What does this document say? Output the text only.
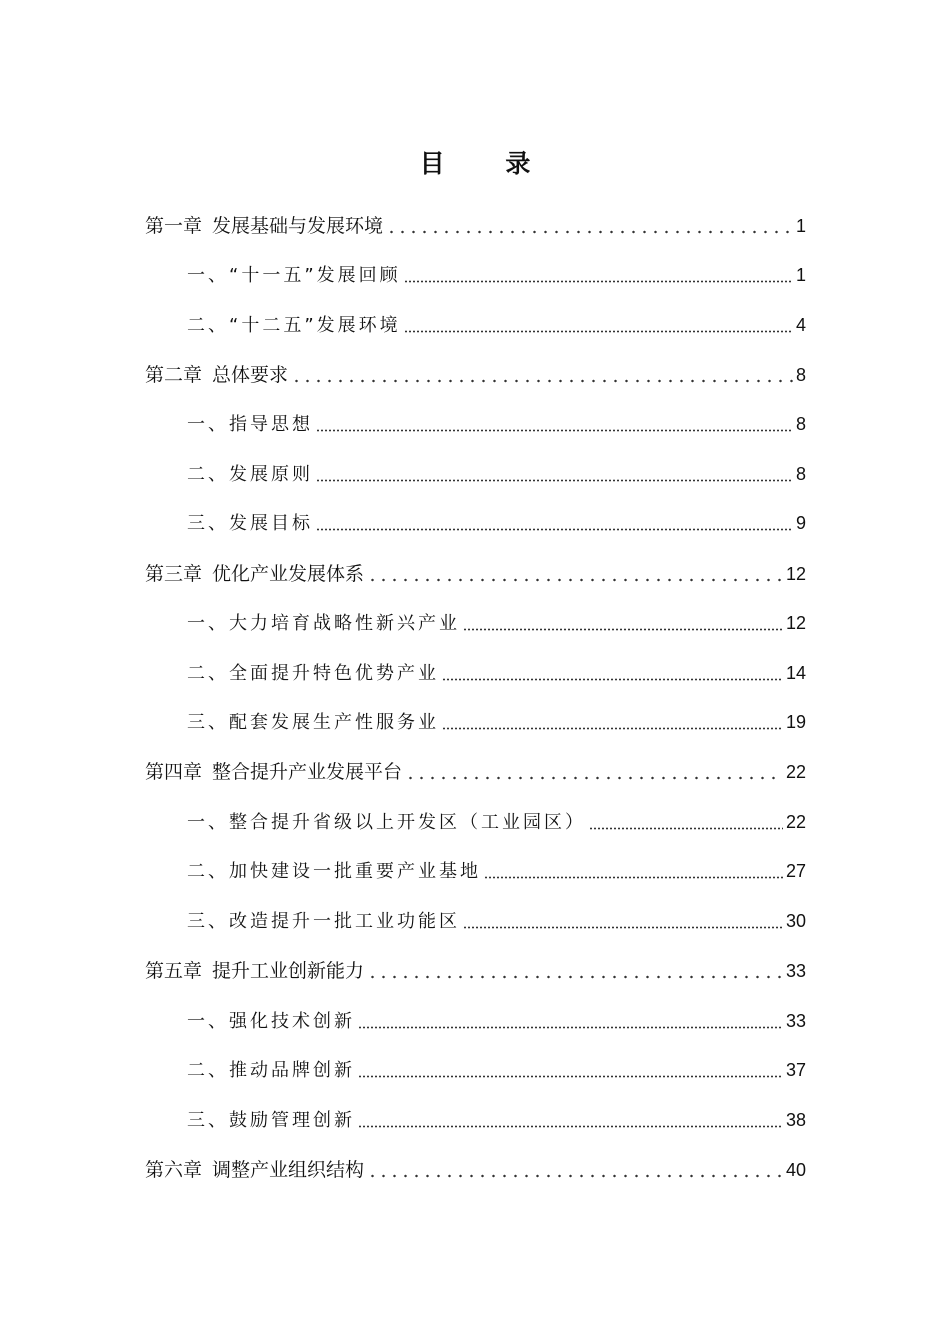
目 录
第一章 发展基础与发展环境	1
一、“十一五”发展回顾	1
二、“十二五”发展环境	4
第二章 总体要求	8
一、指导思想	8
二、发展原则	8
三、发展目标	9
第三章 优化产业发展体系	12
一、大力培育战略性新兴产业	12
二、全面提升特色优势产业	14
三、配套发展生产性服务业	19
第四章 整合提升产业发展平台	22
一、整合提升省级以上开发区（工业园区）	22
二、加快建设一批重要产业基地	27
三、改造提升一批工业功能区	30
第五章 提升工业创新能力	33
一、强化技术创新	33
二、推动品牌创新	37
三、鼓励管理创新	38
第六章 调整产业组织结构	40
